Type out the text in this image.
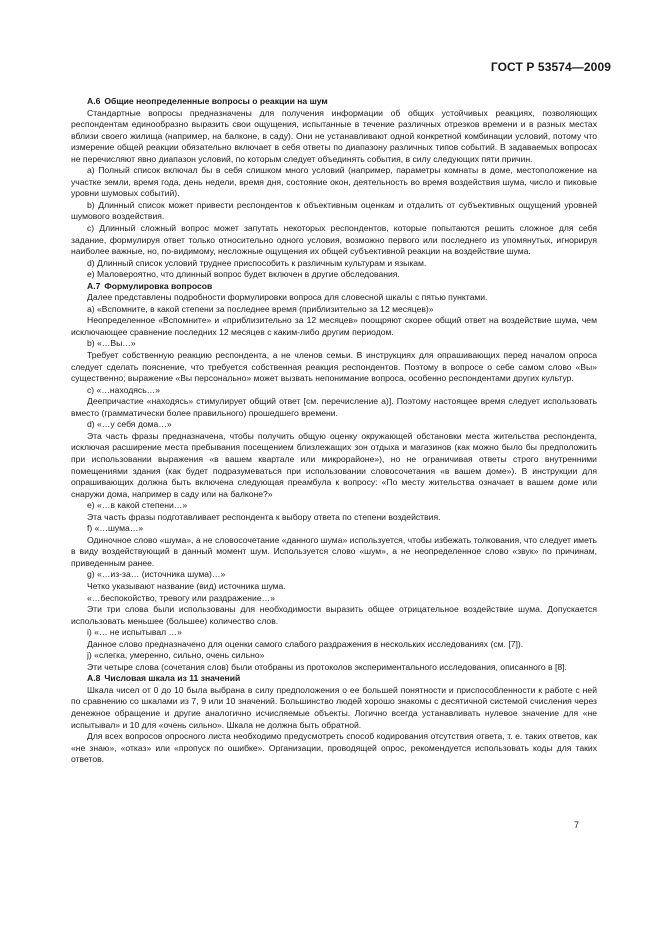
ГОСТ Р 53574—2009

А.6 Общие неопределенные вопросы о реакции на шум

Стандартные вопросы предназначены для получения информации об общих устойчивых реакциях, позволяющих респондентам единообразно выразить свои ощущения, испытанные в течение различных отрезков времени и в разных местах вблизи своего жилища (например, на балконе, в саду). Они не устанавливают одной конкретной комбинации условий, потому что измерение общей реакции обязательно включает в себя ответы по диапазону различных типов событий. В задаваемых вопросах не перечисляют явно диапазон условий, по которым следует объединять события, в силу следующих пяти причин.

a) Полный список включал бы в себя слишком много условий (например, параметры комнаты в доме, местоположение на участке земли, время года, день недели, время дня, состояние окон, деятельность во время воздействия шума, число и пиковые уровни шумовых событий).

b) Длинный список может привести респондентов к объективным оценкам и отдалить от субъективных ощущений уровней шумового воздействия.

c) Длинный сложный вопрос может запутать некоторых респондентов, которые попытаются решить сложное для себя задание, формулируя ответ только относительно одного условия, возможно первого или последнего из упомянутых, игнорируя наиболее важные, но, по-видимому, несложные ощущения их общей субъективной реакции на воздействие шума.

d) Длинный список условий труднее приспособить к различным культурам и языкам.

e) Маловероятно, что длинный вопрос будет включен в другие обследования.

А.7 Формулировка вопросов

Далее представлены подробности формулировки вопроса для словесной шкалы с пятью пунктами.

a) «Вспомните, в какой степени за последнее время (приблизительно за 12 месяцев)»

Неопределенное «Вспомните» и «приблизительно за 12 месяцев» поощряют скорее общий ответ на воздействие шума, чем исключающее сравнение последних 12 месяцев с каким-либо другим периодом.

b) «…Вы…»

Требует собственную реакцию респондента, а не членов семьи. В инструкциях для опрашивающих перед началом опроса следует сделать пояснение, что требуется собственная реакция респондентов. Поэтому в вопросе о себе самом слово «Вы» существенно; выражение «Вы персонально» может вызвать непонимание вопроса, особенно респондентами других культур.

c) «…находясь…»

Деепричастие «находясь» стимулирует общий ответ [см. перечисление a)]. Поэтому настоящее время следует использовать вместо (грамматически более правильного) прошедшего времени.

d) «…у себя дома…»

Эта часть фразы предназначена, чтобы получить общую оценку окружающей обстановки места жительства респондента, исключая расширение места пребывания посещением близлежащих зон отдыха и магазинов (как можно было бы предположить при использовании выражения «в вашем квартале или микрорайоне»), но не ограничивая ответы строго внутренними помещениями здания (как будет подразумеваться при использовании словосочетания «в вашем доме»). В инструкции для опрашивающих должна быть включена следующая преамбула к вопросу: «По месту жительства означает в вашем доме или снаружи дома, например в саду или на балконе?»

e) «…в какой степени…»

Эта часть фразы подготавливает респондента к выбору ответа по степени воздействия.

f) «…шума…»

Одиночное слово «шума», а не словосочетание «данного шума» используется, чтобы избежать толкования, что следует иметь в виду воздействующий в данный момент шум. Используется слово «шум», а не неопределенное слово «звук» по причинам, приведенным ранее.

g) «…из-за… (источника шума)…»

Четко указывают название (вид) источника шума.

«…беспокойство, тревогу или раздражение…»

Эти три слова были использованы для необходимости выразить общее отрицательное воздействие шума. Допускается использовать меньшее (большее) количество слов.

i) «… не испытывал …»

Данное слово предназначено для оценки самого слабого раздражения в нескольких исследованиях (см. [7]).

j) «слегка, умеренно, сильно, очень сильно»

Эти четыре слова (сочетания слов) были отобраны из протоколов экспериментального исследования, описанного в [8].

А.8 Числовая шкала из 11 значений

Шкала чисел от 0 до 10 была выбрана в силу предположения о ее большей понятности и приспособленности к работе с ней по сравнению со шкалами из 7, 9 или 10 значений. Большинство людей хорошо знакомы с десятичной системой счисления через денежное обращение и другие аналогично исчисляемые объекты. Логично всегда устанавливать нулевое значение для «не испытывал» и 10 для «очень сильно». Шкала не должна быть обратной.

Для всех вопросов опросного листа необходимо предусмотреть способ кодирования отсутствия ответа, т. е. таких ответов, как «не знаю», «отказ» или «пропуск по ошибке». Организации, проводящей опрос, рекомендуется использовать коды для таких ответов.

7
